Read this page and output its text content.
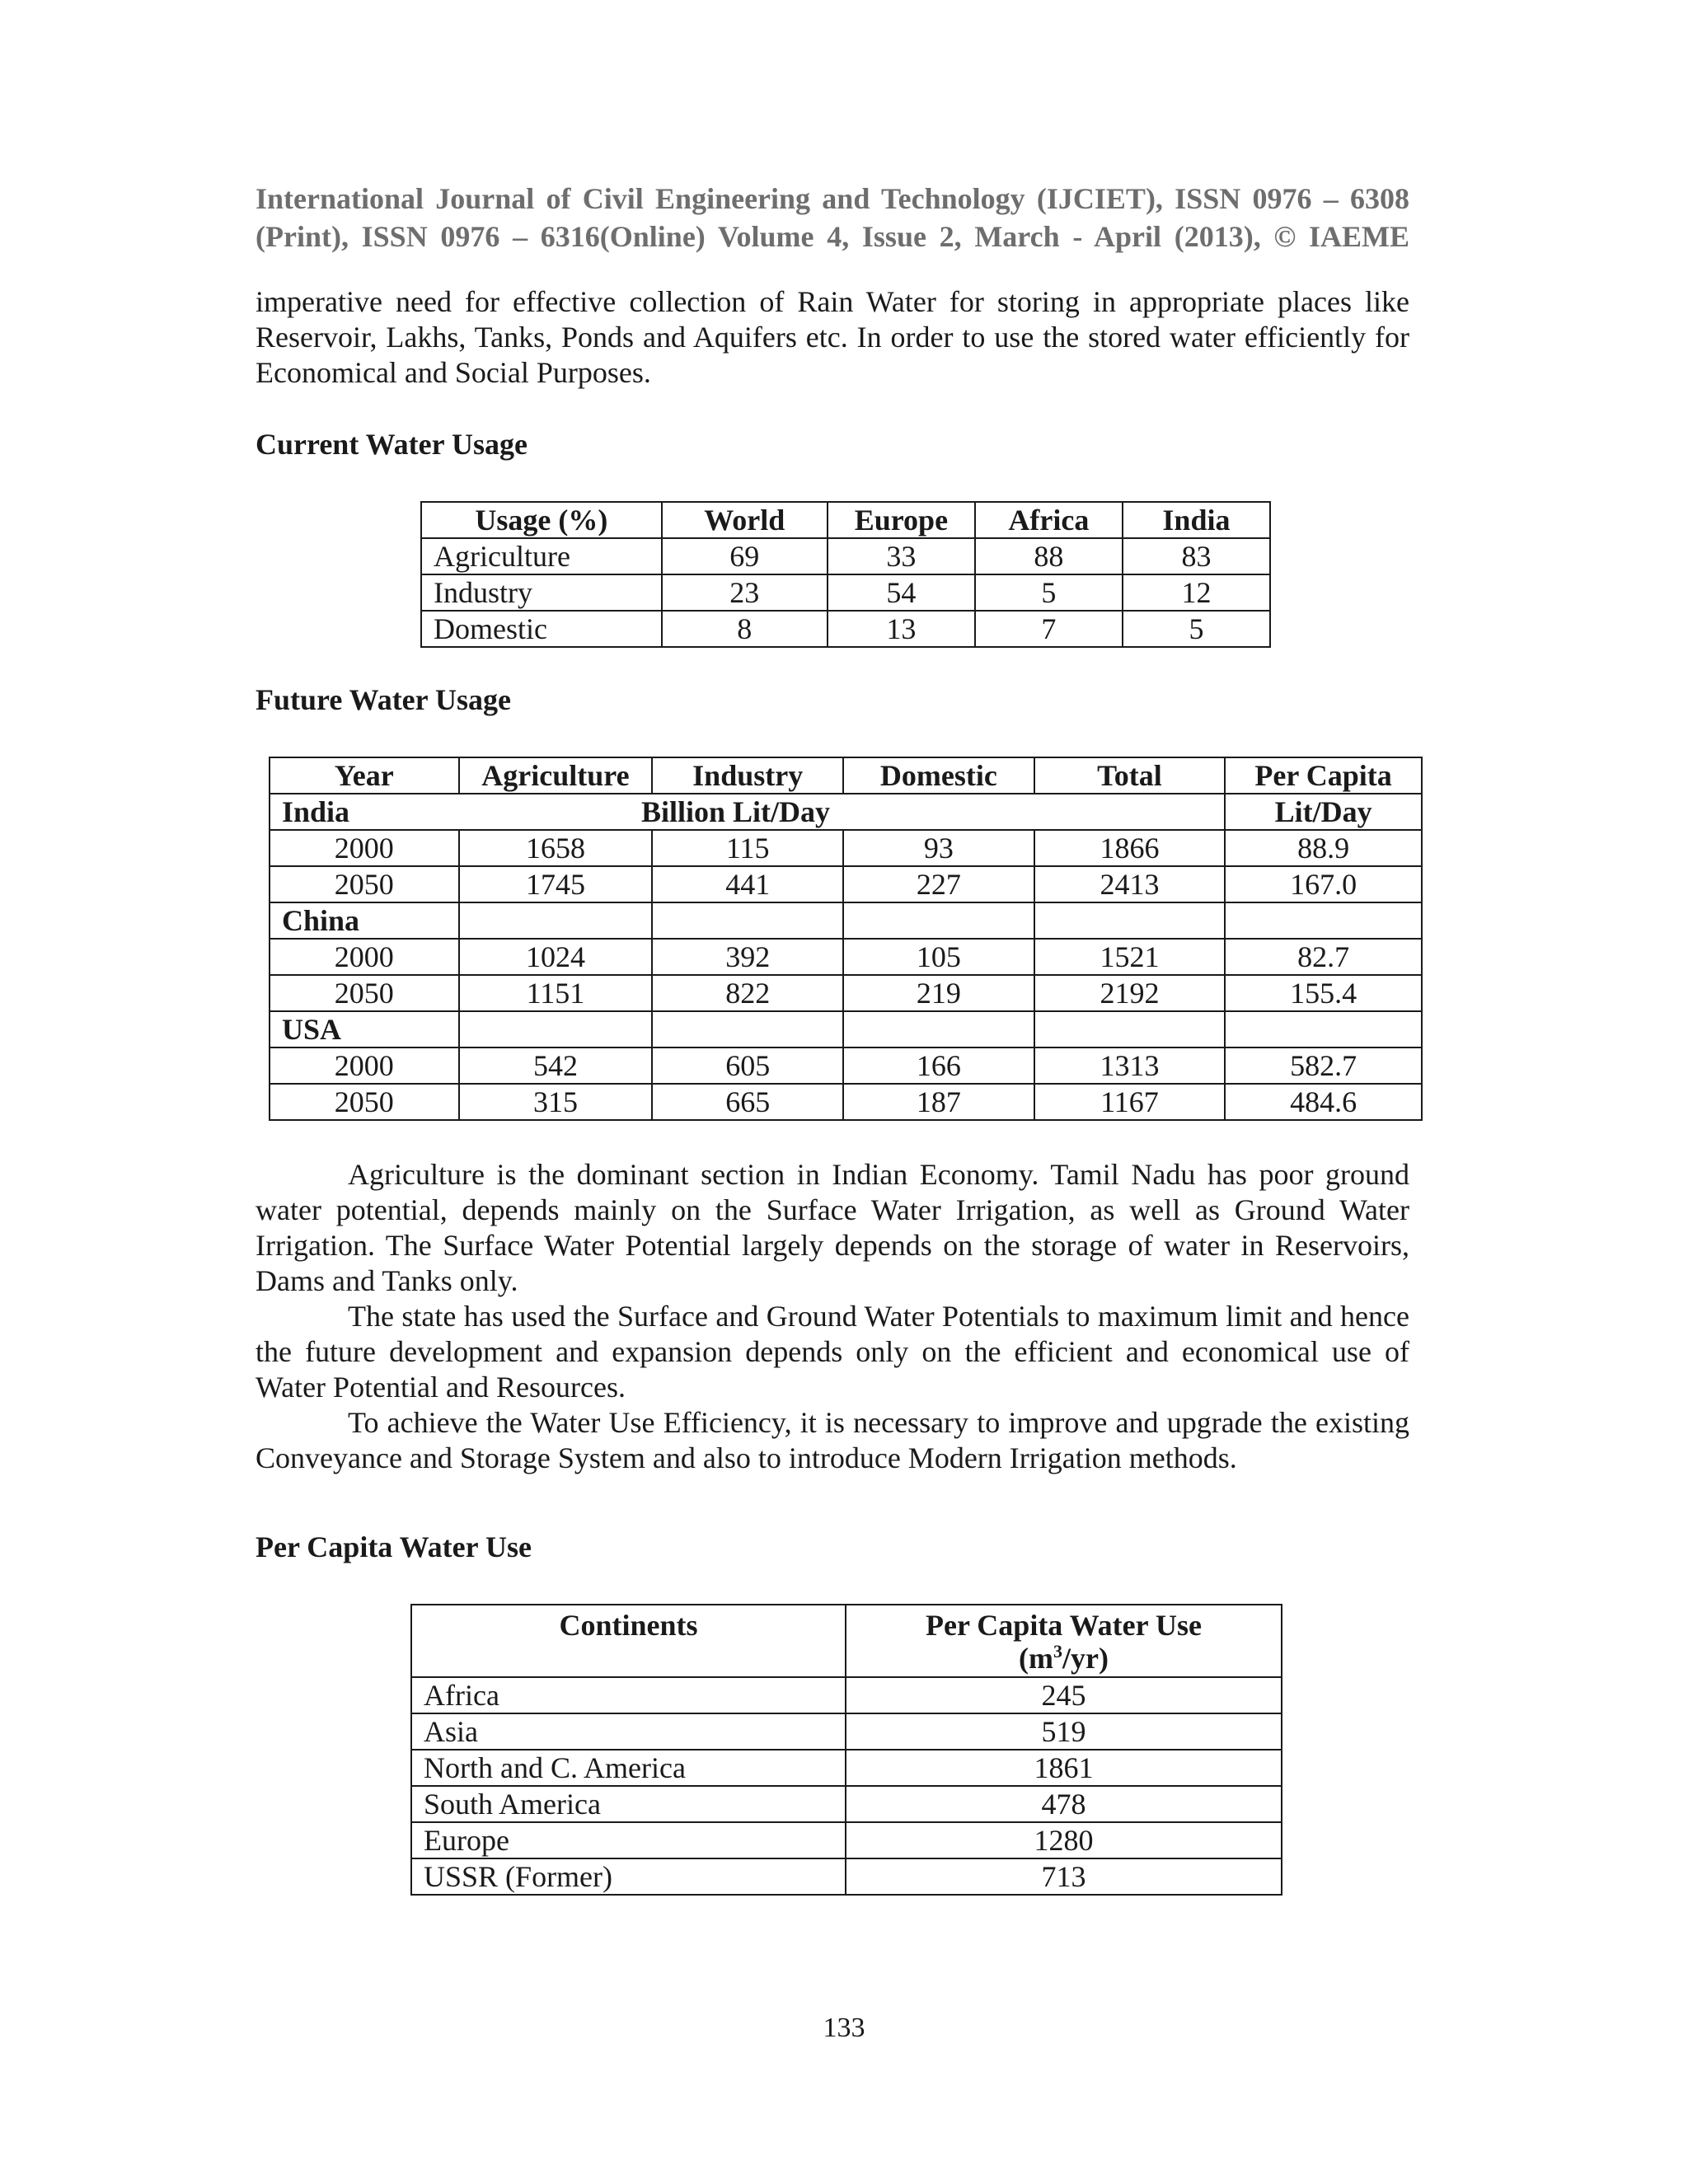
International Journal of Civil Engineering and Technology (IJCIET), ISSN 0976 – 6308

(Print), ISSN 0976 – 6316(Online) Volume 4, Issue 2, March - April (2013), © IAEME

imperative need for effective collection of Rain Water for storing in appropriate places like Reservoir, Lakhs, Tanks, Ponds and Aquifers etc. In order to use the stored water efficiently for Economical and Social Purposes.

Current Water Usage

Usage (%)	World	Europe	Africa	India
Agriculture	69	33	88	83
Industry	23	54	5	12
Domestic	8	13	7	5

Future Water Usage

Year	Agriculture	Industry	Domestic	Total	Per Capita
India Billion Lit/Day					Lit/Day
2000	1658	115	93	1866	88.9
2050	1745	441	227	2413	167.0
China					
2000	1024	392	105	1521	82.7
2050	1151	822	219	2192	155.4
USA					
2000	542	605	166	1313	582.7
2050	315	665	187	1167	484.6

Agriculture is the dominant section in Indian Economy. Tamil Nadu has poor ground water potential, depends mainly on the Surface Water Irrigation, as well as Ground Water Irrigation. The Surface Water Potential largely depends on the storage of water in Reservoirs, Dams and Tanks only.

The state has used the Surface and Ground Water Potentials to maximum limit and hence the future development and expansion depends only on the efficient and economical use of Water Potential and Resources.

To achieve the Water Use Efficiency, it is necessary to improve and upgrade the existing Conveyance and Storage System and also to introduce Modern Irrigation methods.

Per Capita Water Use

Continents	Per Capita Water Use
$(m^3/yr)$
Africa	245
Asia	519
North and C. America	1861
South America	478
Europe	1280
USSR (Former)	713
133
